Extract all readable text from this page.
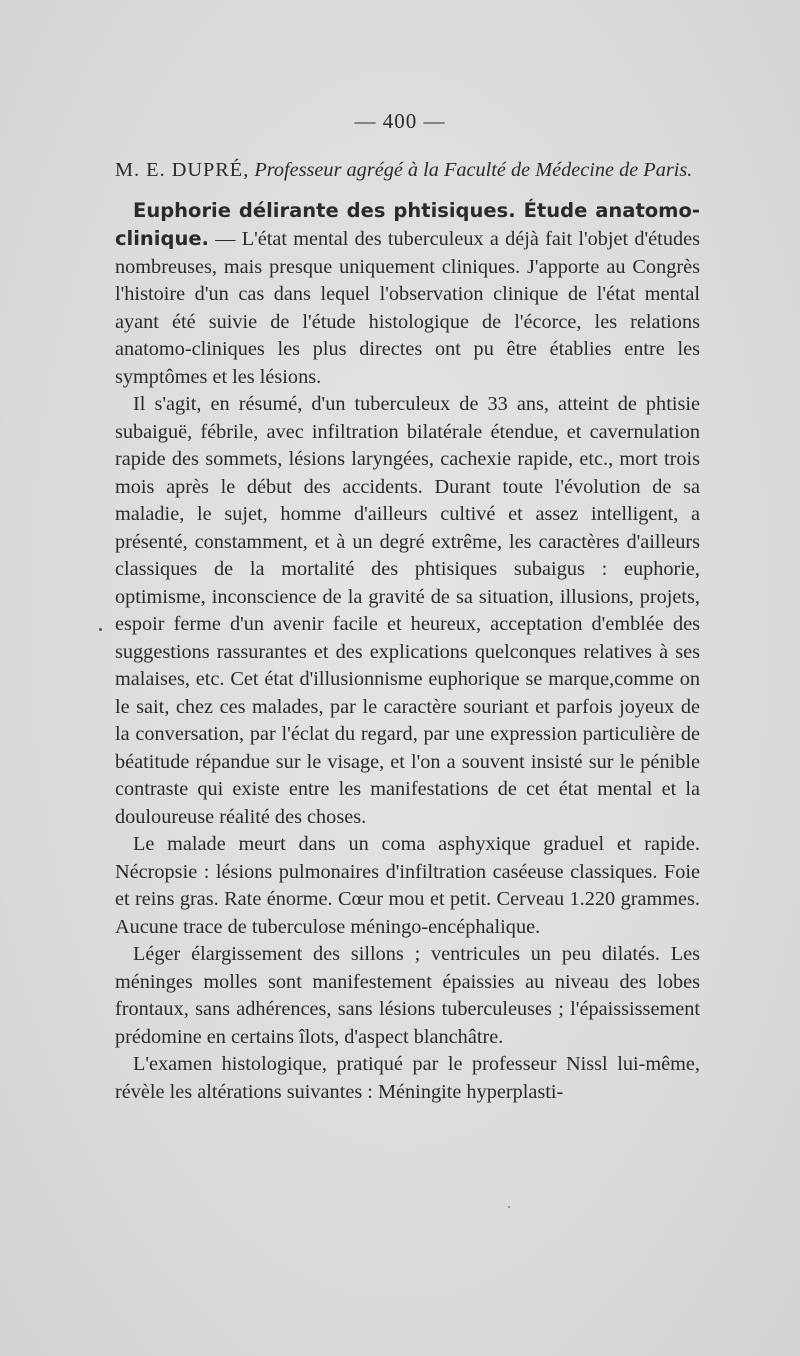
— 400 —

M. E. DUPRÉ, Professeur agrégé à la Faculté de Médecine de Paris.

Euphorie délirante des phtisiques. Étude anatomo-clinique. — L'état mental des tuberculeux a déjà fait l'objet d'études nombreuses, mais presque uniquement cliniques. J'apporte au Congrès l'histoire d'un cas dans lequel l'observation clinique de l'état mental ayant été suivie de l'étude histologique de l'écorce, les relations anatomo-cliniques les plus directes ont pu être établies entre les symptômes et les lésions.

Il s'agit, en résumé, d'un tuberculeux de 33 ans, atteint de phtisie subaiguë, fébrile, avec infiltration bilatérale étendue, et cavernulation rapide des sommets, lésions laryngées, cachexie rapide, etc., mort trois mois après le début des accidents. Durant toute l'évolution de sa maladie, le sujet, homme d'ailleurs cultivé et assez intelligent, a présenté, constamment, et à un degré extrême, les caractères d'ailleurs classiques de la mortalité des phtisiques subaigus : euphorie, optimisme, inconscience de la gravité de sa situation, illusions, projets, espoir ferme d'un avenir facile et heureux, acceptation d'emblée des suggestions rassurantes et des explications quelconques relatives à ses malaises, etc. Cet état d'illusionnisme euphorique se marque,comme on le sait, chez ces malades, par le caractère souriant et parfois joyeux de la conversation, par l'éclat du regard, par une expression particulière de béatitude répandue sur le visage, et l'on a souvent insisté sur le pénible contraste qui existe entre les manifestations de cet état mental et la douloureuse réalité des choses.

Le malade meurt dans un coma asphyxique graduel et rapide. Nécropsie : lésions pulmonaires d'infiltration caséeuse classiques. Foie et reins gras. Rate énorme. Cœur mou et petit. Cerveau 1.220 grammes. Aucune trace de tuberculose méningo-encéphalique.

Léger élargissement des sillons ; ventricules un peu dilatés. Les méninges molles sont manifestement épaissies au niveau des lobes frontaux, sans adhérences, sans lésions tuberculeuses ; l'épaississement prédomine en certains îlots, d'aspect blanchâtre.

L'examen histologique, pratiqué par le professeur Nissl lui-même, révèle les altérations suivantes : Méningite hyperplasti-
